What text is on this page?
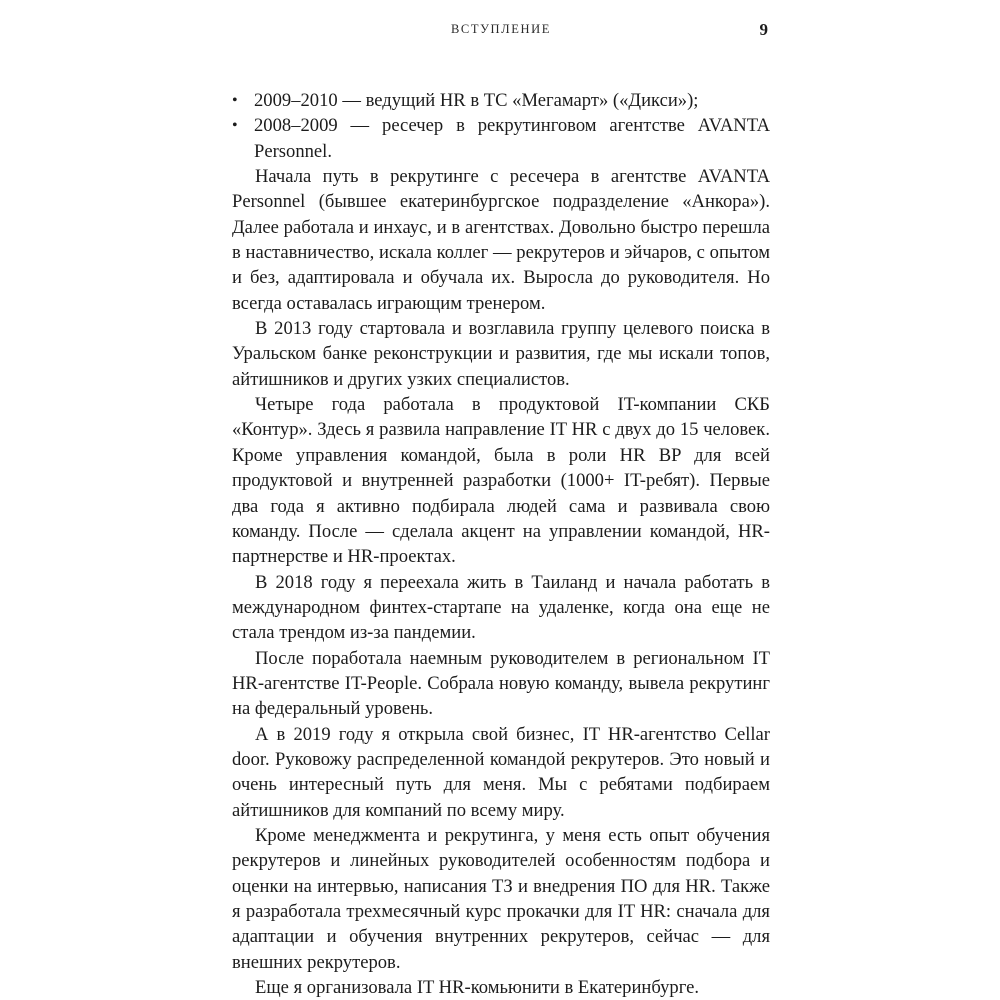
ВСТУПЛЕНИЕ	9
• 2009–2010 — ведущий HR в ТС «Мегамарт» («Дикси»);
• 2008–2009 — ресечер в рекрутинговом агентстве AVANTA Personnel.

Начала путь в рекрутинге с ресечера в агентстве AVANTA Personnel (бывшее екатеринбургское подразделение «Анкора»). Далее работала и инхаус, и в агентствах. Довольно быстро перешла в наставничество, искала коллег — рекрутеров и эйчаров, с опытом и без, адаптировала и обучала их. Выросла до руководителя. Но всегда оставалась играющим тренером.

В 2013 году стартовала и возглавила группу целевого поиска в Уральском банке реконструкции и развития, где мы искали топов, айтишников и других узких специалистов.

Четыре года работала в продуктовой IT-компании СКБ «Контур». Здесь я развила направление IT HR с двух до 15 человек. Кроме управления командой, была в роли HR BP для всей продуктовой и внутренней разработки (1000+ IT-ребят). Первые два года я активно подбирала людей сама и развивала свою команду. После — сделала акцент на управлении командой, HR-партнерстве и HR-проектах.

В 2018 году я переехала жить в Таиланд и начала работать в международном финтех-стартапе на удаленке, когда она еще не стала трендом из-за пандемии.

После поработала наемным руководителем в региональном IT HR-агентстве IT-People. Собрала новую команду, вывела рекрутинг на федеральный уровень.

А в 2019 году я открыла свой бизнес, IT HR-агентство Cellar door. Руковожу распределенной командой рекрутеров. Это новый и очень интересный путь для меня. Мы с ребятами подбираем айтишников для компаний по всему миру.

Кроме менеджмента и рекрутинга, у меня есть опыт обучения рекрутеров и линейных руководителей особенностям подбора и оценки на интервью, написания ТЗ и внедрения ПО для HR. Также я разработала трехмесячный курс прокачки для IT HR: сначала для адаптации и обучения внутренних рекрутеров, сейчас — для внешних рекрутеров.

Еще я организовала IT HR-комьюнити в Екатеринбурге.
